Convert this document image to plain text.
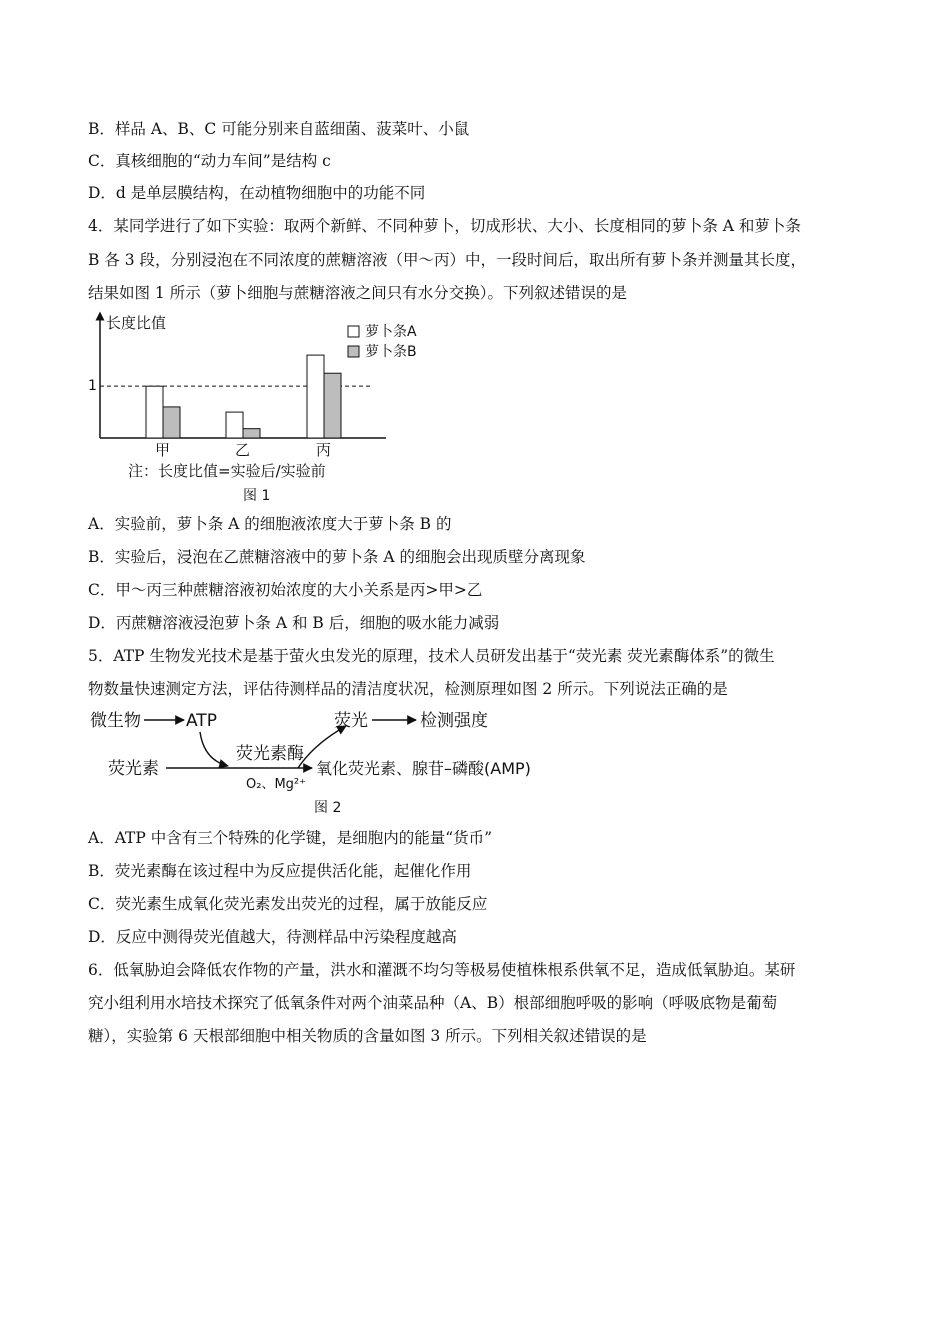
B．样品 A、B、C 可能分别来自蓝细菌、菠菜叶、小鼠
C．真核细胞的“动力车间”是结构 c
D．d 是单层膜结构，在动植物细胞中的功能不同
4．某同学进行了如下实验：取两个新鲜、不同种萝卜，切成形状、大小、长度相同的萝卜条 A 和萝卜条
B 各 3 段，分别浸泡在不同浓度的蔗糖溶液（甲～丙）中，一段时间后，取出所有萝卜条并测量其长度，
结果如图 1 所示（萝卜细胞与蔗糖溶液之间只有水分交换）。下列叙述错误的是
长度比值
1
甲	乙	丙
萝卜条A
萝卜条B
注：长度比值=实验后/实验前
图 1
A．实验前，萝卜条 A 的细胞液浓度大于萝卜条 B 的
B．实验后，浸泡在乙蔗糖溶液中的萝卜条 A 的细胞会出现质壁分离现象
C．甲～丙三种蔗糖溶液初始浓度的大小关系是丙>甲>乙
D．丙蔗糖溶液浸泡萝卜条 A 和 B 后，细胞的吸水能力减弱
5．ATP 生物发光技术是基于萤火虫发光的原理，技术人员研发出基于“荧光素 荧光素酶体系”的微生
物数量快速测定方法，评估待测样品的清洁度状况，检测原理如图 2 所示。下列说法正确的是
微生物	ATP
荧光素
荧光素酶
O₂、Mg²⁺
荧光	检测强度
氧化荧光素、腺苷–磷酸(AMP)
图 2
A．ATP 中含有三个特殊的化学键，是细胞内的能量“货币”
B．荧光素酶在该过程中为反应提供活化能，起催化作用
C．荧光素生成氧化荧光素发出荧光的过程，属于放能反应
D．反应中测得荧光值越大，待测样品中污染程度越高
6．低氧胁迫会降低农作物的产量，洪水和灌溉不均匀等极易使植株根系供氧不足，造成低氧胁迫。某研
究小组利用水培技术探究了低氧条件对两个油菜品种（A、B）根部细胞呼吸的影响（呼吸底物是葡萄
糖），实验第 6 天根部细胞中相关物质的含量如图 3 所示。下列相关叙述错误的是
